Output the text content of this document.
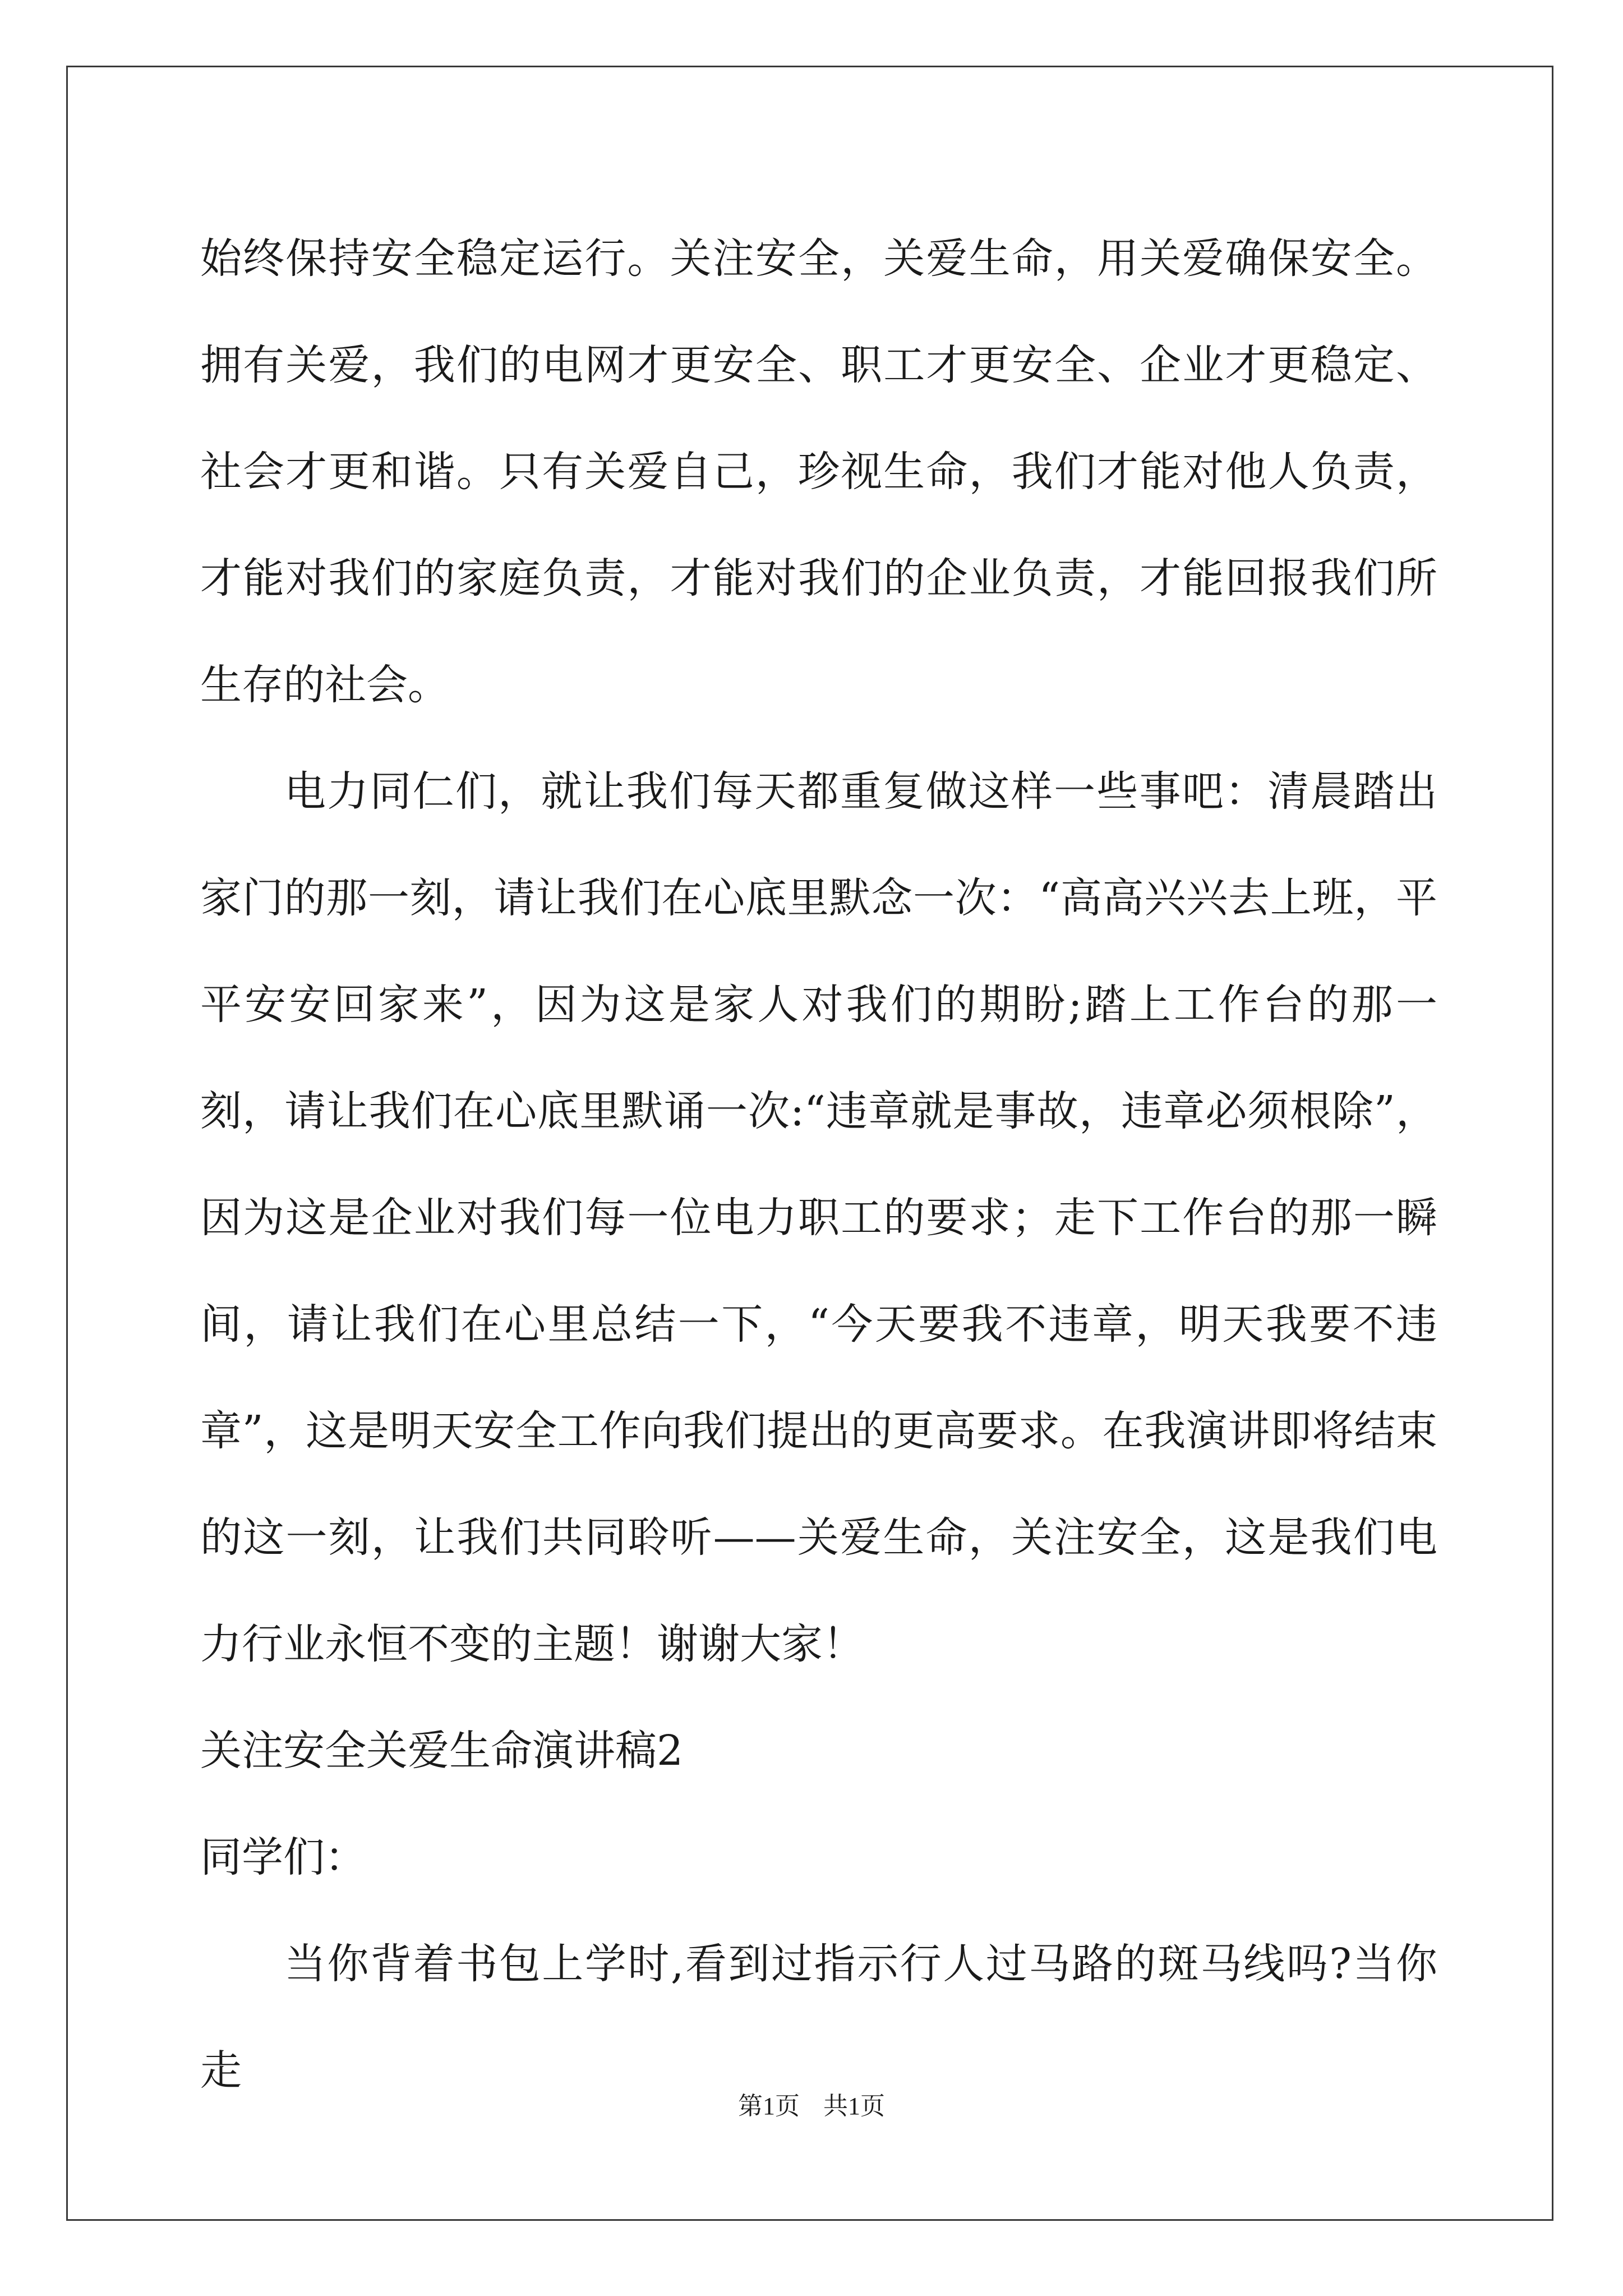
始终保持安全稳定运行。关注安全，关爱生命，用关爱确保安全。拥有关爱，我们的电网才更安全、职工才更安全、企业才更稳定、社会才更和谐。只有关爱自己，珍视生命，我们才能对他人负责，才能对我们的家庭负责，才能对我们的企业负责，才能回报我们所生存的社会。

电力同仁们，就让我们每天都重复做这样一些事吧：清晨踏出家门的那一刻，请让我们在心底里默念一次：“高高兴兴去上班，平平安安回家来”，因为这是家人对我们的期盼;踏上工作台的那一刻，请让我们在心底里默诵一次:“违章就是事故，违章必须根除”，因为这是企业对我们每一位电力职工的要求；走下工作台的那一瞬间，请让我们在心里总结一下，“今天要我不违章，明天我要不违章”，这是明天安全工作向我们提出的更高要求。在我演讲即将结束的这一刻，让我们共同聆听——关爱生命，关注安全，这是我们电力行业永恒不变的主题！谢谢大家！

关注安全关爱生命演讲稿2

同学们：

当你背着书包上学时,看到过指示行人过马路的斑马线吗?当你走

第1页 共1页
